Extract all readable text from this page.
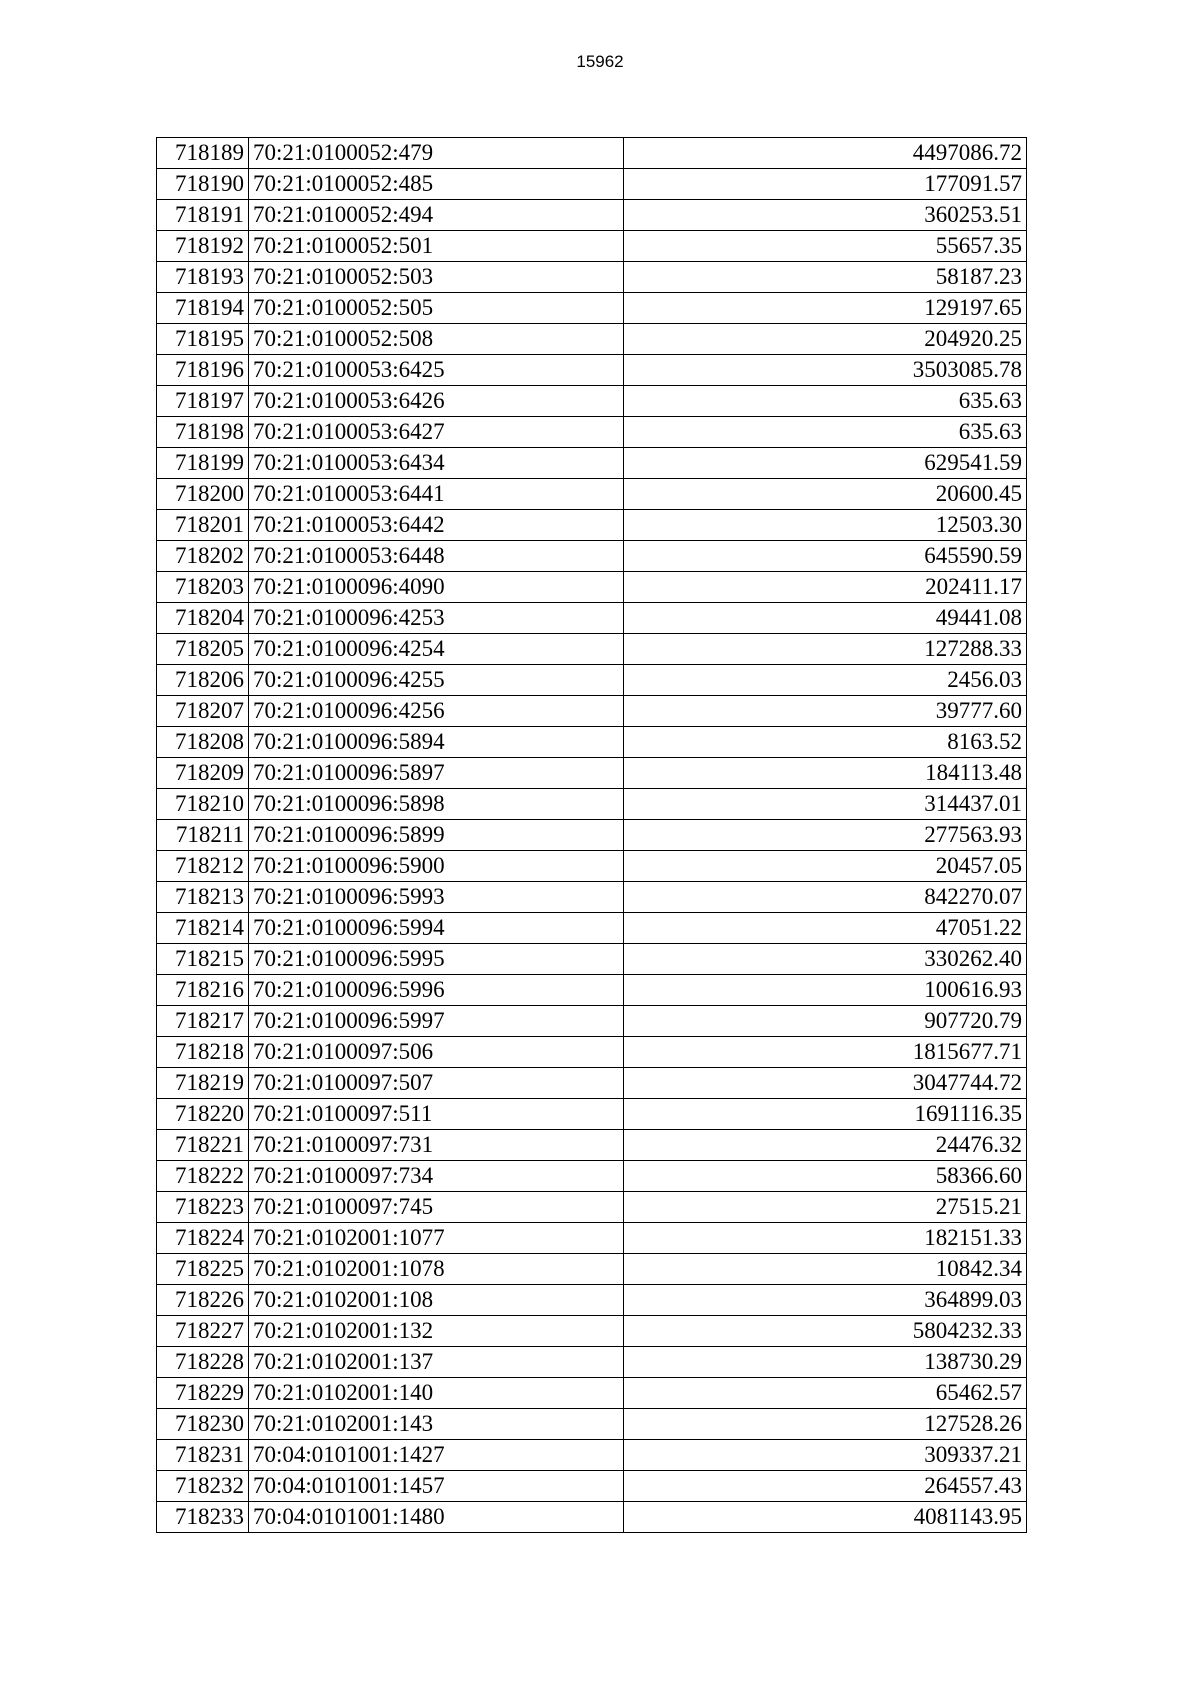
15962
718189	70:21:0100052:479	4497086.72
718190	70:21:0100052:485	177091.57
718191	70:21:0100052:494	360253.51
718192	70:21:0100052:501	55657.35
718193	70:21:0100052:503	58187.23
718194	70:21:0100052:505	129197.65
718195	70:21:0100052:508	204920.25
718196	70:21:0100053:6425	3503085.78
718197	70:21:0100053:6426	635.63
718198	70:21:0100053:6427	635.63
718199	70:21:0100053:6434	629541.59
718200	70:21:0100053:6441	20600.45
718201	70:21:0100053:6442	12503.30
718202	70:21:0100053:6448	645590.59
718203	70:21:0100096:4090	202411.17
718204	70:21:0100096:4253	49441.08
718205	70:21:0100096:4254	127288.33
718206	70:21:0100096:4255	2456.03
718207	70:21:0100096:4256	39777.60
718208	70:21:0100096:5894	8163.52
718209	70:21:0100096:5897	184113.48
718210	70:21:0100096:5898	314437.01
718211	70:21:0100096:5899	277563.93
718212	70:21:0100096:5900	20457.05
718213	70:21:0100096:5993	842270.07
718214	70:21:0100096:5994	47051.22
718215	70:21:0100096:5995	330262.40
718216	70:21:0100096:5996	100616.93
718217	70:21:0100096:5997	907720.79
718218	70:21:0100097:506	1815677.71
718219	70:21:0100097:507	3047744.72
718220	70:21:0100097:511	1691116.35
718221	70:21:0100097:731	24476.32
718222	70:21:0100097:734	58366.60
718223	70:21:0100097:745	27515.21
718224	70:21:0102001:1077	182151.33
718225	70:21:0102001:1078	10842.34
718226	70:21:0102001:108	364899.03
718227	70:21:0102001:132	5804232.33
718228	70:21:0102001:137	138730.29
718229	70:21:0102001:140	65462.57
718230	70:21:0102001:143	127528.26
718231	70:04:0101001:1427	309337.21
718232	70:04:0101001:1457	264557.43
718233	70:04:0101001:1480	4081143.95
